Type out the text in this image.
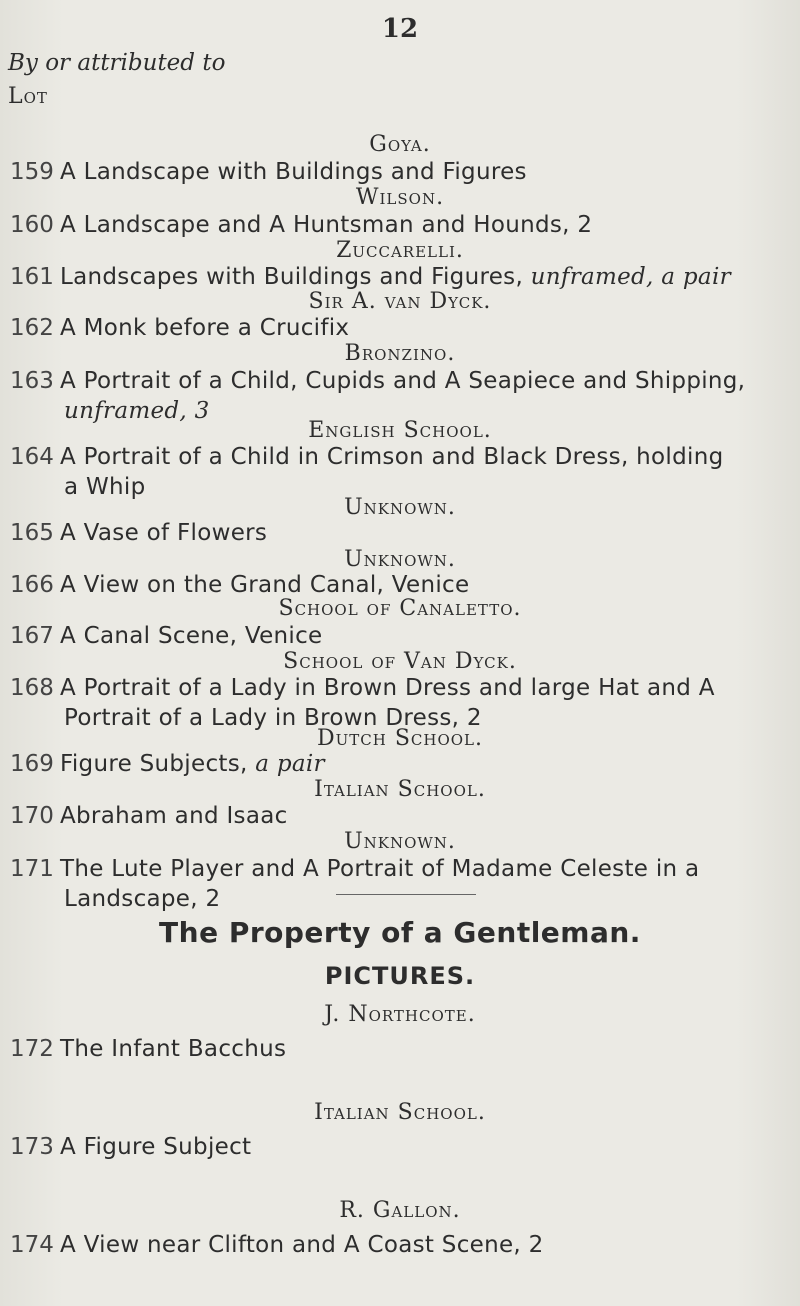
12
By or attributed to
Lot
Goya.
159 A Landscape with Buildings and Figures
Wilson.
160 A Landscape and A Huntsman and Hounds, 2
Zuccarelli.
161 Landscapes with Buildings and Figures, unframed, a pair
Sir A. van Dyck.
162 A Monk before a Crucifix
Bronzino.
163 A Portrait of a Child, Cupids and A Seapiece and Shipping,
unframed, 3
English School.
164 A Portrait of a Child in Crimson and Black Dress, holding
a Whip
Unknown.
165 A Vase of Flowers
Unknown.
166 A View on the Grand Canal, Venice
School of Canaletto.
167 A Canal Scene, Venice
School of Van Dyck.
168 A Portrait of a Lady in Brown Dress and large Hat and A
Portrait of a Lady in Brown Dress, 2
Dutch School.
169 Figure Subjects, a pair
Italian School.
170 Abraham and Isaac
Unknown.
171 The Lute Player and A Portrait of Madame Celeste in a
Landscape, 2
The Property of a Gentleman.
PICTURES.
J. Northcote.
172 The Infant Bacchus
Italian School.
173 A Figure Subject
R. Gallon.
174 A View near Clifton and A Coast Scene, 2
